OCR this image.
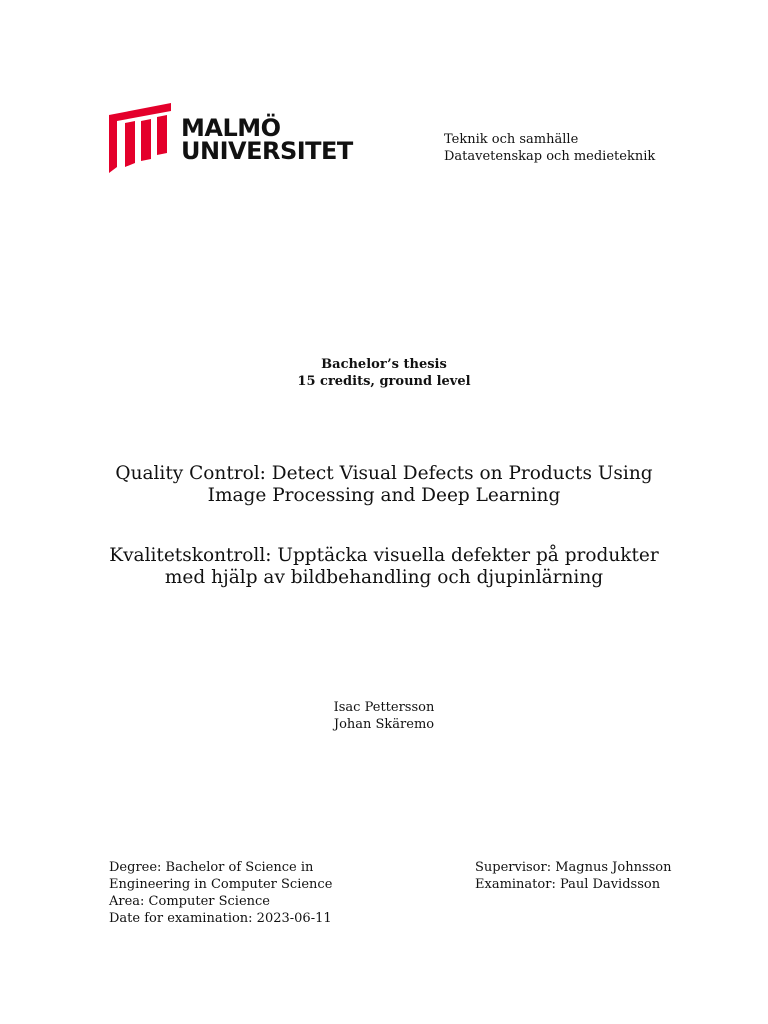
MALMÖ
UNIVERSITET	Teknik och samhälle
Datavetenskap och medieteknik
Bachelor’s thesis
15 credits, ground level
Quality Control: Detect Visual Defects on Products Using
Image Processing and Deep Learning
Kvalitetskontroll: Upptäcka visuella defekter på produkter
med hjälp av bildbehandling och djupinlärning
Isac Pettersson
Johan Skäremo
Degree: Bachelor of Science in
Engineering in Computer Science
Area: Computer Science
Date for examination: 2023-06-11
Supervisor: Magnus Johnsson
Examinator: Paul Davidsson
